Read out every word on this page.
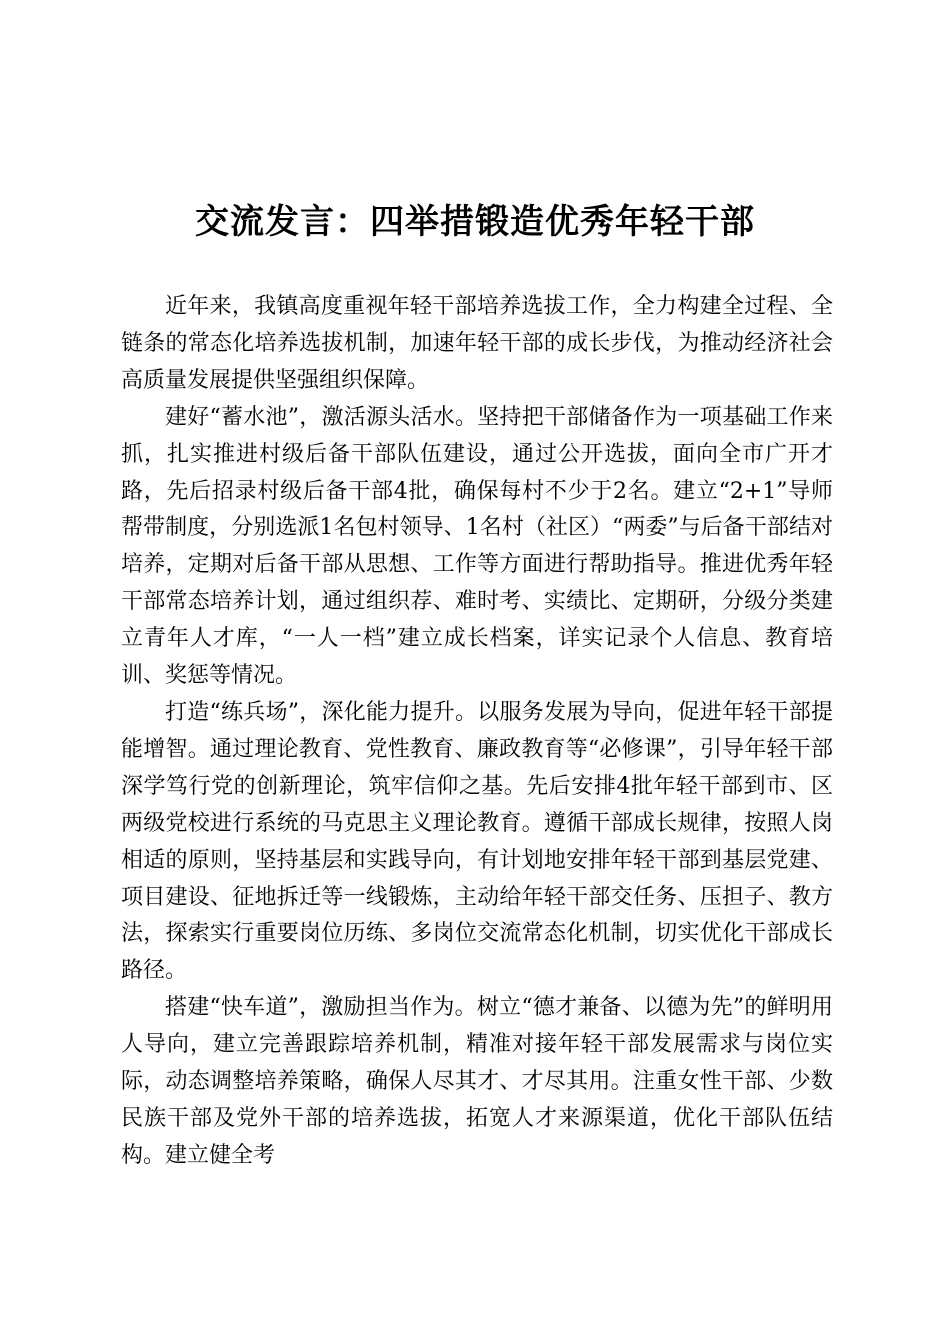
交流发言：四举措锻造优秀年轻干部

近年来，我镇高度重视年轻干部培养选拔工作，全力构建全过程、全链条的常态化培养选拔机制，加速年轻干部的成长步伐，为推动经济社会高质量发展提供坚强组织保障。

建好“蓄水池”，激活源头活水。坚持把干部储备作为一项基础工作来抓，扎实推进村级后备干部队伍建设，通过公开选拔，面向全市广开才路，先后招录村级后备干部4批，确保每村不少于2名。建立“2+1”导师帮带制度，分别选派1名包村领导、1名村（社区）“两委”与后备干部结对培养，定期对后备干部从思想、工作等方面进行帮助指导。推进优秀年轻干部常态培养计划，通过组织荐、难时考、实绩比、定期研，分级分类建立青年人才库，“一人一档”建立成长档案，详实记录个人信息、教育培训、奖惩等情况。

打造“练兵场”，深化能力提升。以服务发展为导向，促进年轻干部提能增智。通过理论教育、党性教育、廉政教育等“必修课”，引导年轻干部深学笃行党的创新理论，筑牢信仰之基。先后安排4批年轻干部到市、区两级党校进行系统的马克思主义理论教育。遵循干部成长规律，按照人岗相适的原则，坚持基层和实践导向，有计划地安排年轻干部到基层党建、项目建设、征地拆迁等一线锻炼，主动给年轻干部交任务、压担子、教方法，探索实行重要岗位历练、多岗位交流常态化机制，切实优化干部成长路径。

搭建“快车道”，激励担当作为。树立“德才兼备、以德为先”的鲜明用人导向，建立完善跟踪培养机制，精准对接年轻干部发展需求与岗位实际，动态调整培养策略，确保人尽其才、才尽其用。注重女性干部、少数民族干部及党外干部的培养选拔，拓宽人才来源渠道，优化干部队伍结构。建立健全考
